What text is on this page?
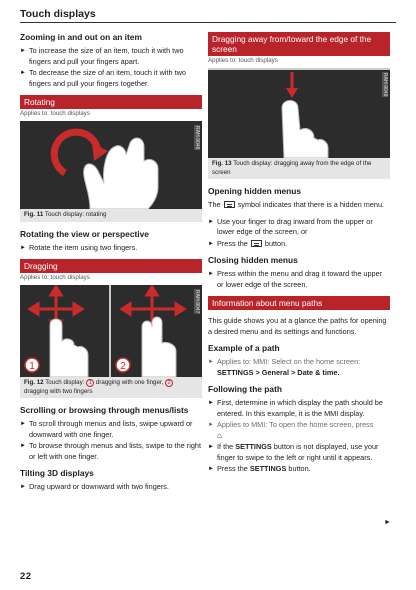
Touch displays
Zooming in and out on an item
► To increase the size of an item, touch it with two fingers and pull your fingers apart.
► To decrease the size of an item, touch it with two fingers and pull your fingers together.
Rotating
Applies to: touch displays
RAH-9046
Fig. 11 Touch display: rotating
Rotating the view or perspective
► Rotate the item using two fingers.
Dragging
Applies to: touch displays
1	2
RAH-9047
Fig. 12 Touch display: 1 dragging with one finger, 2 dragging with two fingers
Scrolling or browsing through menus/lists
► To scroll through menus and lists, swipe upward or downward with one finger.
► To browse through menus and lists, swipe to the right or left with one finger.
Tilting 3D displays
► Drag upward or downward with two fingers.
Dragging away from/toward the edge of the screen
Applies to: touch displays
RAH-9049
Fig. 13 Touch display: dragging away from the edge of the screen
Opening hidden menus
The symbol indicates that there is a hidden menu.
► Use your finger to drag inward from the upper or lower edge of the screen, or
► Press the button.
Closing hidden menus
► Press within the menu and drag it toward the upper or lower edge of the screen.
Information about menu paths
This guide shows you at a glance the paths for opening a desired menu and its settings and functions.
Example of a path
► Applies to: MMI: Select on the home screen:
SETTINGS > General > Date & time.
Following the path
► First, determine in which display the path should be entered. In this example, it is the MMI display.
► Applies to MMI: To open the home screen, press
⌂
► If the SETTINGS button is not displayed, use your finger to swipe to the left or right until it appears.
► Press the SETTINGS button.
►
22
